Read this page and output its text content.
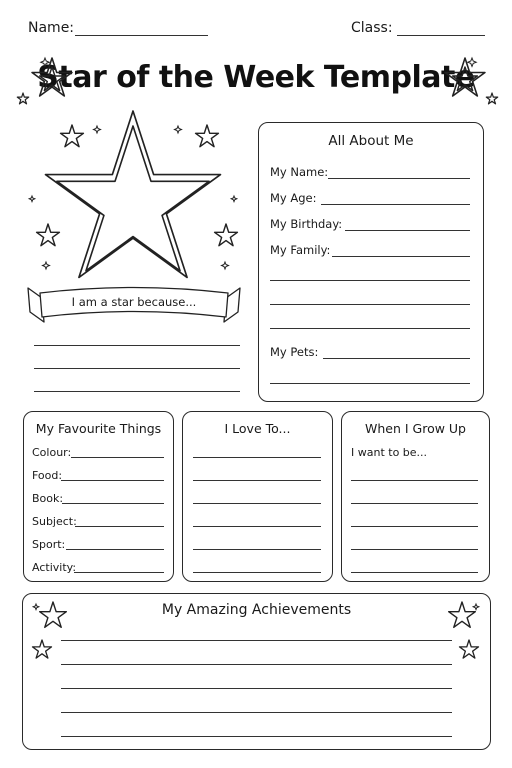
Name:	Class:
Star of the Week Template
I am a star because...
All About Me
My Name:
My Age:
My Birthday:
My Family:
My Pets:
My Favourite Things
Colour:
Food:
Book:
Subject:
Sport:
Activity:
I Love To...	When I Grow Up
I want to be...
My Amazing Achievements
